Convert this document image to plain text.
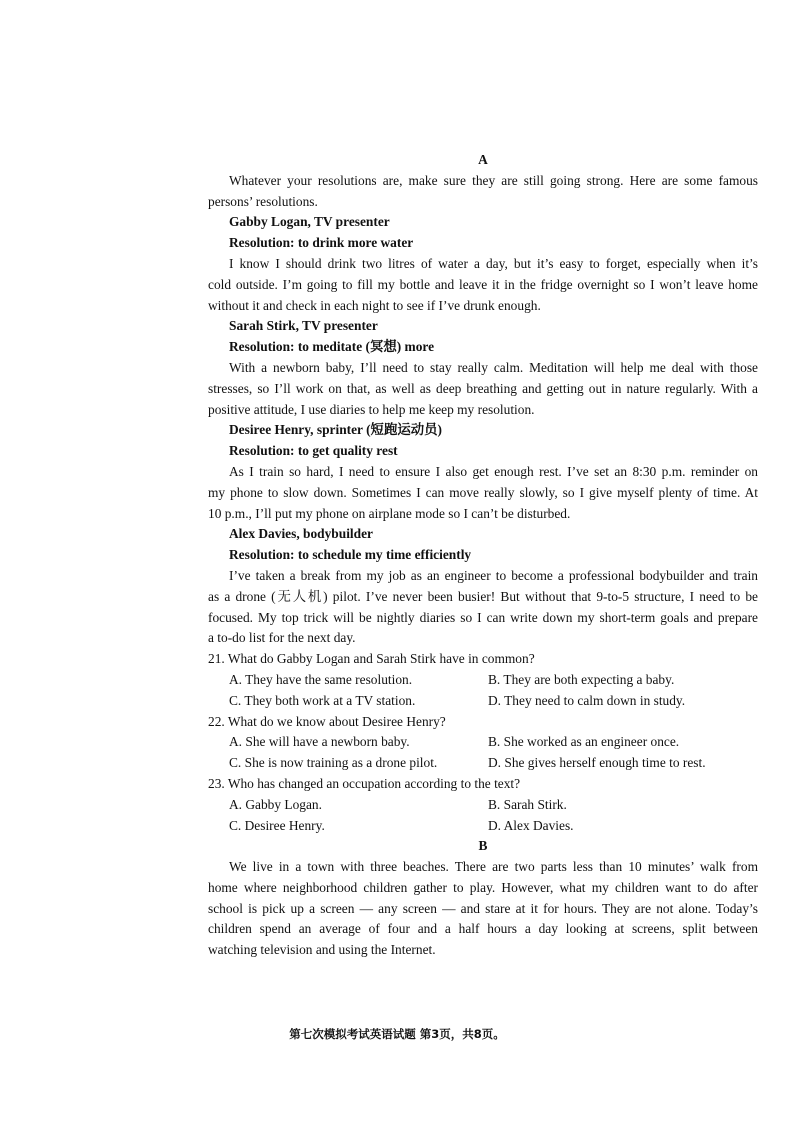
A
Whatever your resolutions are, make sure they are still going strong. Here are some famous
persons’ resolutions.
Gabby Logan, TV presenter
Resolution: to drink more water
I know I should drink two litres of water a day, but it’s easy to forget, especially when it’s
cold outside. I’m going to fill my bottle and leave it in the fridge overnight so I won’t leave home
without it and check in each night to see if I’ve drunk enough.
Sarah Stirk, TV presenter
Resolution: to meditate (冥想) more
With a newborn baby, I’ll need to stay really calm. Meditation will help me deal with those
stresses, so I’ll work on that, as well as deep breathing and getting out in nature regularly. With a
positive attitude, I use diaries to help me keep my resolution.
Desiree Henry, sprinter (短跑运动员)
Resolution: to get quality rest
As I train so hard, I need to ensure I also get enough rest. I’ve set an 8:30 p.m. reminder on
my phone to slow down. Sometimes I can move really slowly, so I give myself plenty of time. At
10 p.m., I’ll put my phone on airplane mode so I can’t be disturbed.
Alex Davies, bodybuilder
Resolution: to schedule my time efficiently
I’ve taken a break from my job as an engineer to become a professional bodybuilder and train
as a drone (无人机) pilot. I’ve never been busier! But without that 9-to-5 structure, I need to be
focused. My top trick will be nightly diaries so I can write down my short-term goals and prepare
a to-do list for the next day.
21. What do Gabby Logan and Sarah Stirk have in common?
A. They have the same resolution.	B. They are both expecting a baby.
C. They both work at a TV station.	D. They need to calm down in study.
22. What do we know about Desiree Henry?
A. She will have a newborn baby.	B. She worked as an engineer once.
C. She is now training as a drone pilot.	D. She gives herself enough time to rest.
23. Who has changed an occupation according to the text?
A. Gabby Logan.	B. Sarah Stirk.
C. Desiree Henry.	D. Alex Davies.
B
We live in a town with three beaches. There are two parts less than 10 minutes’ walk from
home where neighborhood children gather to play. However, what my children want to do after
school is pick up a screen — any screen — and stare at it for hours. They are not alone. Today’s
children spend an average of four and a half hours a day looking at screens, split between
watching television and using the Internet.
第七次模拟考试英语试题 第3页，共8页。
